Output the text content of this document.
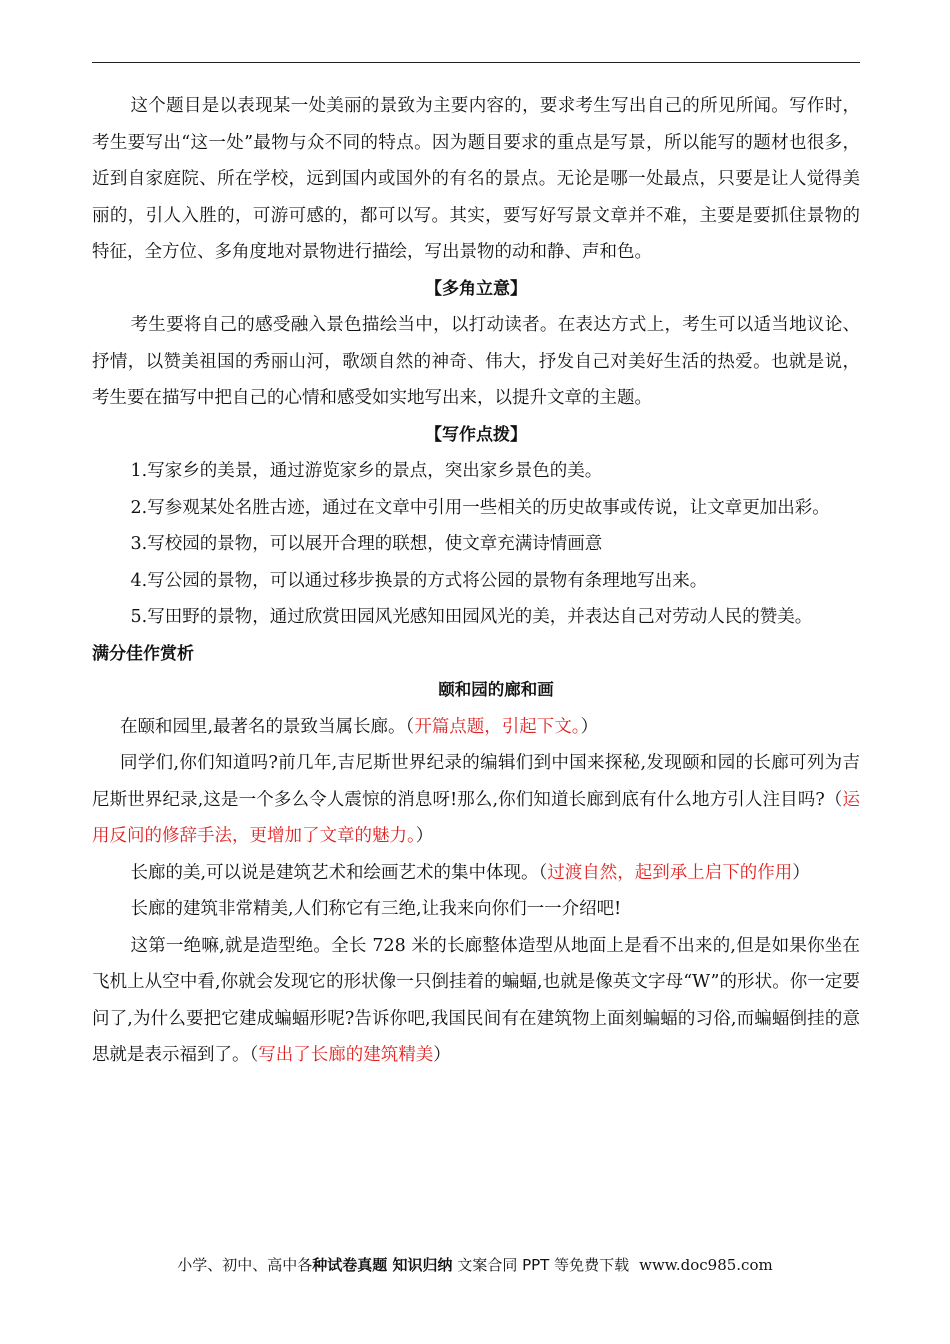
这个题目是以表现某一处美丽的景致为主要内容的，要求考生写出自己的所见所闻。写作时，考生要写出“这一处”最物与众不同的特点。因为题目要求的重点是写景，所以能写的题材也很多，近到自家庭院、所在学校，远到国内或国外的有名的景点。无论是哪一处最点，只要是让人觉得美丽的，引人入胜的，可游可感的，都可以写。其实，要写好写景文章并不难，主要是要抓住景物的特征，全方位、多角度地对景物进行描绘，写出景物的动和静、声和色。

【多角立意】

考生要将自己的感受融入景色描绘当中，以打动读者。在表达方式上，考生可以适当地议论、抒情，以赞美祖国的秀丽山河，歌颂自然的神奇、伟大，抒发自己对美好生活的热爱。也就是说，考生要在描写中把自己的心情和感受如实地写出来，以提升文章的主题。

【写作点拨】

1.写家乡的美景，通过游览家乡的景点，突出家乡景色的美。

2.写参观某处名胜古迹，通过在文章中引用一些相关的历史故事或传说，让文章更加出彩。

3.写校园的景物，可以展开合理的联想，使文章充满诗情画意

4.写公园的景物，可以通过移步换景的方式将公园的景物有条理地写出来。

5.写田野的景物，通过欣赏田园风光感知田园风光的美，并表达自己对劳动人民的赞美。

满分佳作赏析

颐和园的廊和画

在颐和园里,最著名的景致当属长廊。（开篇点题，引起下文。）

同学们,你们知道吗?前几年,吉尼斯世界纪录的编辑们到中国来探秘,发现颐和园的长廊可列为吉尼斯世界纪录,这是一个多么令人震惊的消息呀!那么,你们知道长廊到底有什么地方引人注目吗?（运用反问的修辞手法，更增加了文章的魅力。）

长廊的美,可以说是建筑艺术和绘画艺术的集中体现。（过渡自然，起到承上启下的作用）

长廊的建筑非常精美,人们称它有三绝,让我来向你们一一介绍吧!

这第一绝嘛,就是造型绝。全长 728 米的长廊整体造型从地面上是看不出来的,但是如果你坐在飞机上从空中看,你就会发现它的形状像一只倒挂着的蝙蝠,也就是像英文字母“W”的形状。你一定要问了,为什么要把它建成蝙蝠形呢?告诉你吧,我国民间有在建筑物上面刻蝙蝠的习俗,而蝙蝠倒挂的意思就是表示福到了。（写出了长廊的建筑精美）

小学、初中、高中各种试卷真题 知识归纳 文案合同 PPT 等免费下载 www.doc985.com
